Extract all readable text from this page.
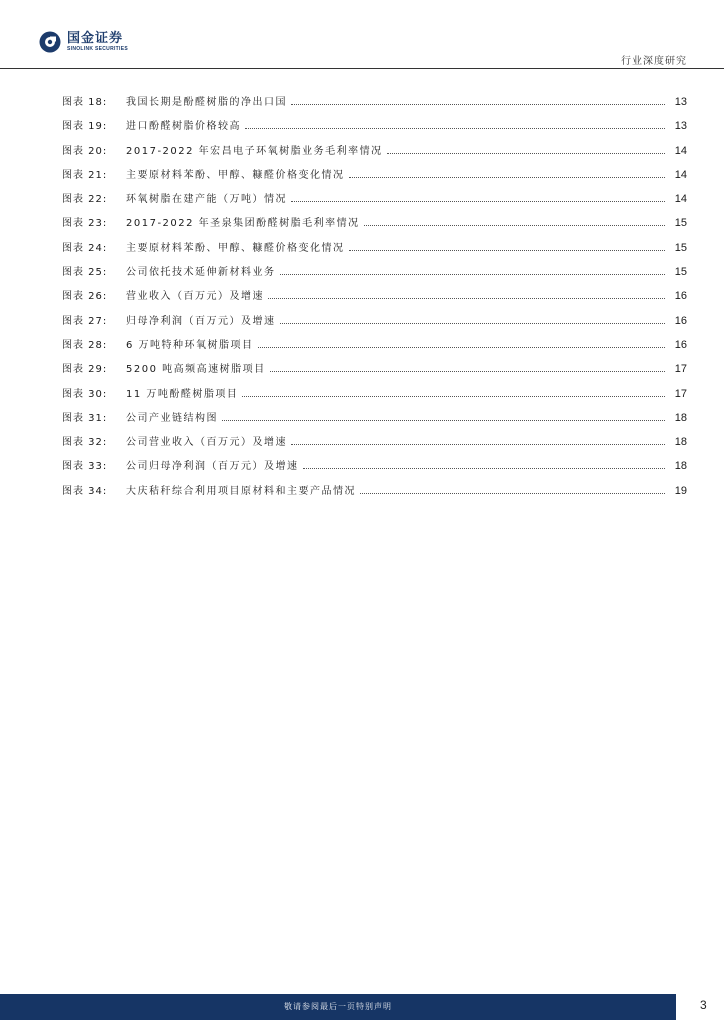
国金证券
SINOLINK SECURITIES
行业深度研究
图表 18:	我国长期是酚醛树脂的净出口国	13
图表 19:	进口酚醛树脂价格较高	13
图表 20:	2017-2022 年宏昌电子环氧树脂业务毛利率情况	14
图表 21:	主要原材料苯酚、甲醇、糠醛价格变化情况	14
图表 22:	环氧树脂在建产能（万吨）情况	14
图表 23:	2017-2022 年圣泉集团酚醛树脂毛利率情况	15
图表 24:	主要原材料苯酚、甲醇、糠醛价格变化情况	15
图表 25:	公司依托技术延伸新材料业务	15
图表 26:	营业收入（百万元）及增速	16
图表 27:	归母净利润（百万元）及增速	16
图表 28:	6 万吨特种环氧树脂项目	16
图表 29:	5200 吨高频高速树脂项目	17
图表 30:	11 万吨酚醛树脂项目	17
图表 31:	公司产业链结构图	18
图表 32:	公司营业收入（百万元）及增速	18
图表 33:	公司归母净利润（百万元）及增速	18
图表 34:	大庆秸秆综合利用项目原材料和主要产品情况	19
敬请参阅最后一页特别声明	3
